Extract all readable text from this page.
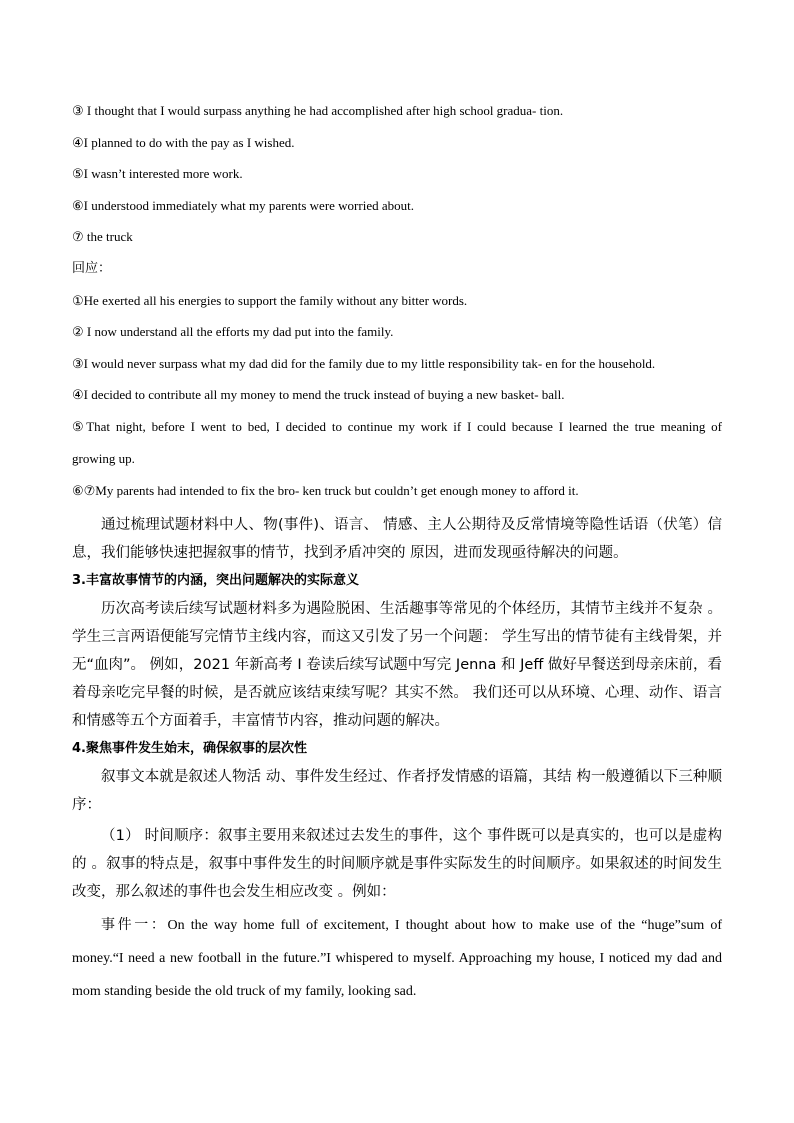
③ I thought that I would surpass anything he had accomplished after high school gradua- tion.
④I planned to do with the pay as I wished.
⑤I wasn’t interested more work.
⑥I understood immediately what my parents were worried about.
⑦ the truck
回应：
①He exerted all his energies to support the family without any bitter words.
② I now understand all the efforts my dad put into the family.
③I would never surpass what my dad did for the family due to my little responsibility tak- en for the household.
④I decided to contribute all my money to mend the truck instead of buying a new basket- ball.
⑤That night, before I went to bed, I decided to continue my work if I could because I learned the true meaning of
growing up.
⑥⑦My parents had intended to fix the bro- ken truck but couldn’t get enough money to afford it.

通过梳理试题材料中人、物(事件)、语言、 情感、主人公期待及反常情境等隐性话语（伏笔）信息，我们能够快速把握叙事的情节，找到矛盾冲突的 原因，进而发现亟待解决的问题。

3.丰富故事情节的内涵，突出问题解决的实际意义

历次高考读后续写试题材料多为遇险脱困、生活趣事等常见的个体经历，其情节主线并不复杂 。学生三言两语便能写完情节主线内容，而这又引发了另一个问题： 学生写出的情节徒有主线骨架，并无“血肉”。 例如，2021 年新高考 I 卷读后续写试题中写完 Jenna 和 Jeff 做好早餐送到母亲床前，看着母亲吃完早餐的时候，是否就应该结束续写呢？其实不然。 我们还可以从环境、心理、动作、语言和情感等五个方面着手，丰富情节内容，推动问题的解决。

4.聚焦事件发生始末，确保叙事的层次性

叙事文本就是叙述人物活 动、事件发生经过、作者抒发情感的语篇，其结 构一般遵循以下三种顺序：

（1） 时间顺序：叙事主要用来叙述过去发生的事件，这个 事件既可以是真实的，也可以是虚构的 。叙事的特点是，叙事中事件发生的时间顺序就是事件实际发生的时间顺序。如果叙述的时间发生改变，那么叙述的事件也会发生相应改变 。例如：

事件一：On the way home full of excitement, I thought about how to make use of the “huge”sum of money.“I need a new football in the future.”I whispered to myself. Approaching my house, I noticed my dad and mom standing beside the old truck of my family, looking sad.
